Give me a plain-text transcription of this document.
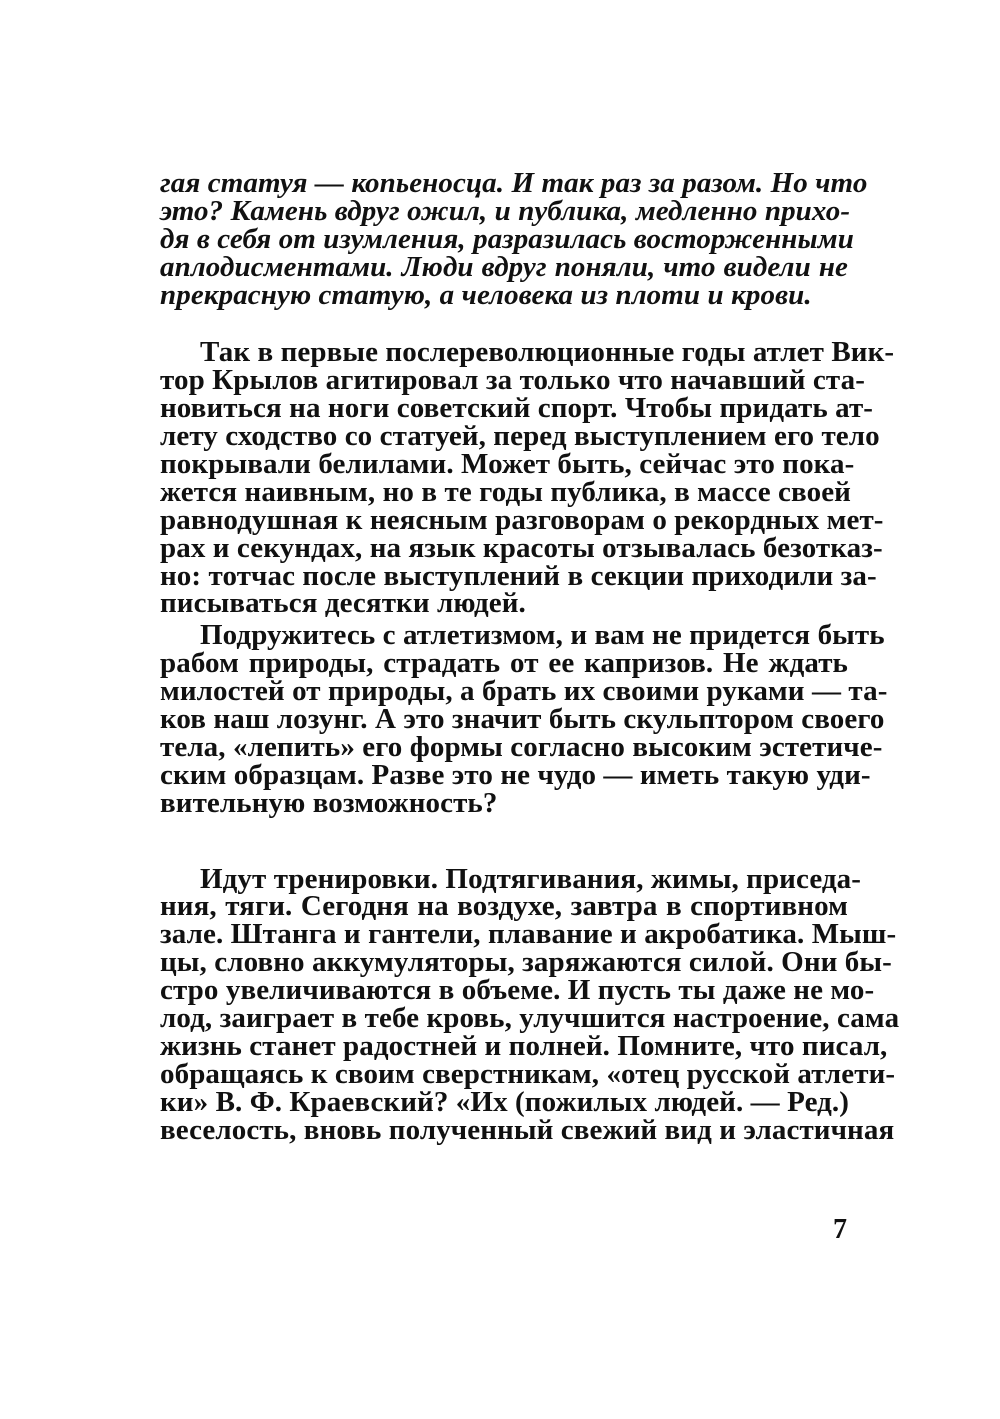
гая статуя — копьеносца. И так раз за разом. Но что
это? Камень вдруг ожил, и публика, медленно прихо-
дя в себя от изумления, разразилась восторженными
аплодисментами. Люди вдруг поняли, что видели не
прекрасную статую, а человека из плоти и крови.
Так в первые послереволюционные годы атлет Вик-
тор Крылов агитировал за только что начавший ста-
новиться на ноги советский спорт. Чтобы придать ат-
лету сходство со статуей, перед выступлением его тело
покрывали белилами. Может быть, сейчас это пока-
жется наивным, но в те годы публика, в массе своей
равнодушная к неясным разговорам о рекордных мет-
рах и секундах, на язык красоты отзывалась безотказ-
но: тотчас после выступлений в секции приходили за-
писываться десятки людей.
Подружитесь с атлетизмом, и вам не придется быть
рабом природы, страдать от ее капризов. Не ждать
милостей от природы, а брать их своими руками — та-
ков наш лозунг. А это значит быть скульптором своего
тела, «лепить» его формы согласно высоким эстетиче-
ским образцам. Разве это не чудо — иметь такую уди-
вительную возможность?
Идут тренировки. Подтягивания, жимы, приседа-
ния, тяги. Сегодня на воздухе, завтра в спортивном
зале. Штанга и гантели, плавание и акробатика. Мыш-
цы, словно аккумуляторы, заряжаются силой. Они бы-
стро увеличиваются в объеме. И пусть ты даже не мо-
лод, заиграет в тебе кровь, улучшится настроение, сама
жизнь станет радостней и полней. Помните, что писал,
обращаясь к своим сверстникам, «отец русской атлети-
ки» В. Ф. Краевский? «Их (пожилых людей. — Ред.)
веселость, вновь полученный свежий вид и эластичная
7
